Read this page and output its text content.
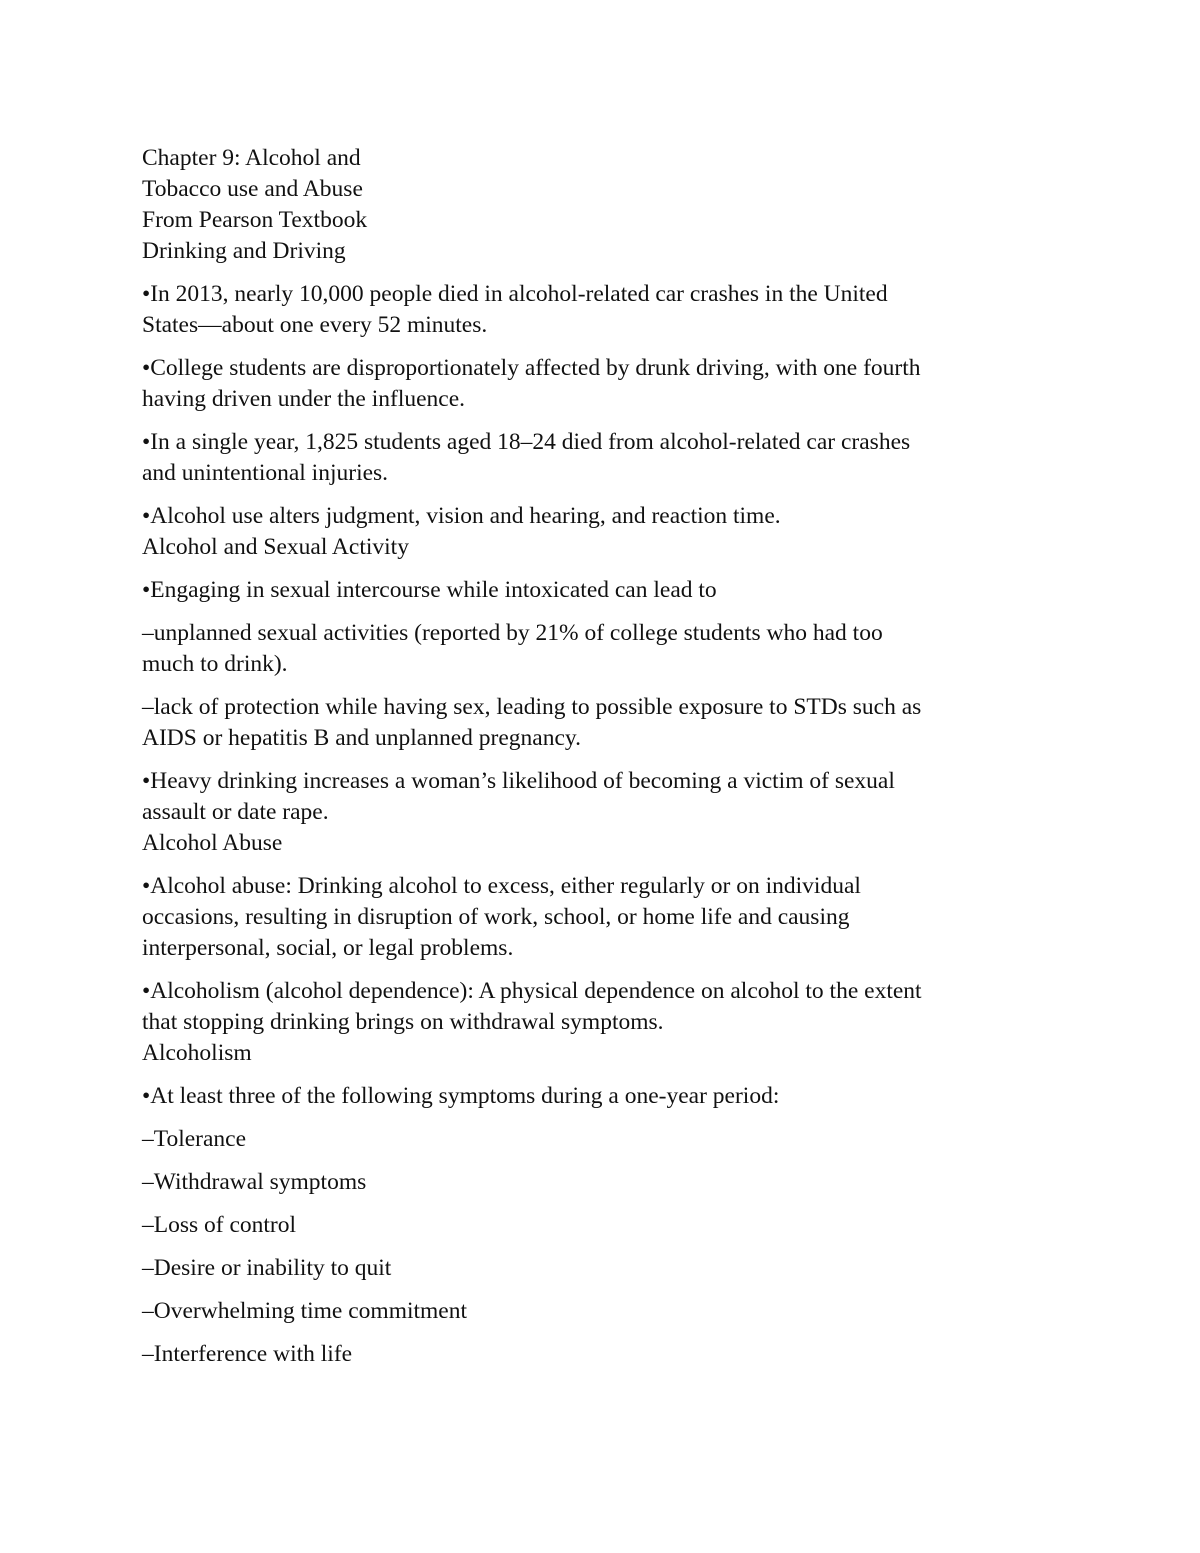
Chapter 9: Alcohol and
Tobacco use and Abuse
From Pearson Textbook
Drinking and Driving
•In 2013, nearly 10,000 people died in alcohol-related car crashes in the United
States—about one every 52 minutes.
•College students are disproportionately affected by drunk driving, with one fourth
having driven under the influence.
•In a single year, 1,825 students aged 18–24 died from alcohol-related car crashes
and unintentional injuries.
•Alcohol use alters judgment, vision and hearing, and reaction time.
Alcohol and Sexual Activity
•Engaging in sexual intercourse while intoxicated can lead to
–unplanned sexual activities (reported by 21% of college students who had too
much to drink).
–lack of protection while having sex, leading to possible exposure to STDs such as
AIDS or hepatitis B and unplanned pregnancy.
•Heavy drinking increases a woman’s likelihood of becoming a victim of sexual
assault or date rape.
Alcohol Abuse
•Alcohol abuse: Drinking alcohol to excess, either regularly or on individual
occasions, resulting in disruption of work, school, or home life and causing
interpersonal, social, or legal problems.
•Alcoholism (alcohol dependence): A physical dependence on alcohol to the extent
that stopping drinking brings on withdrawal symptoms.
Alcoholism
•At least three of the following symptoms during a one-year period:
–Tolerance
–Withdrawal symptoms
–Loss of control
–Desire or inability to quit
–Overwhelming time commitment
–Interference with life
